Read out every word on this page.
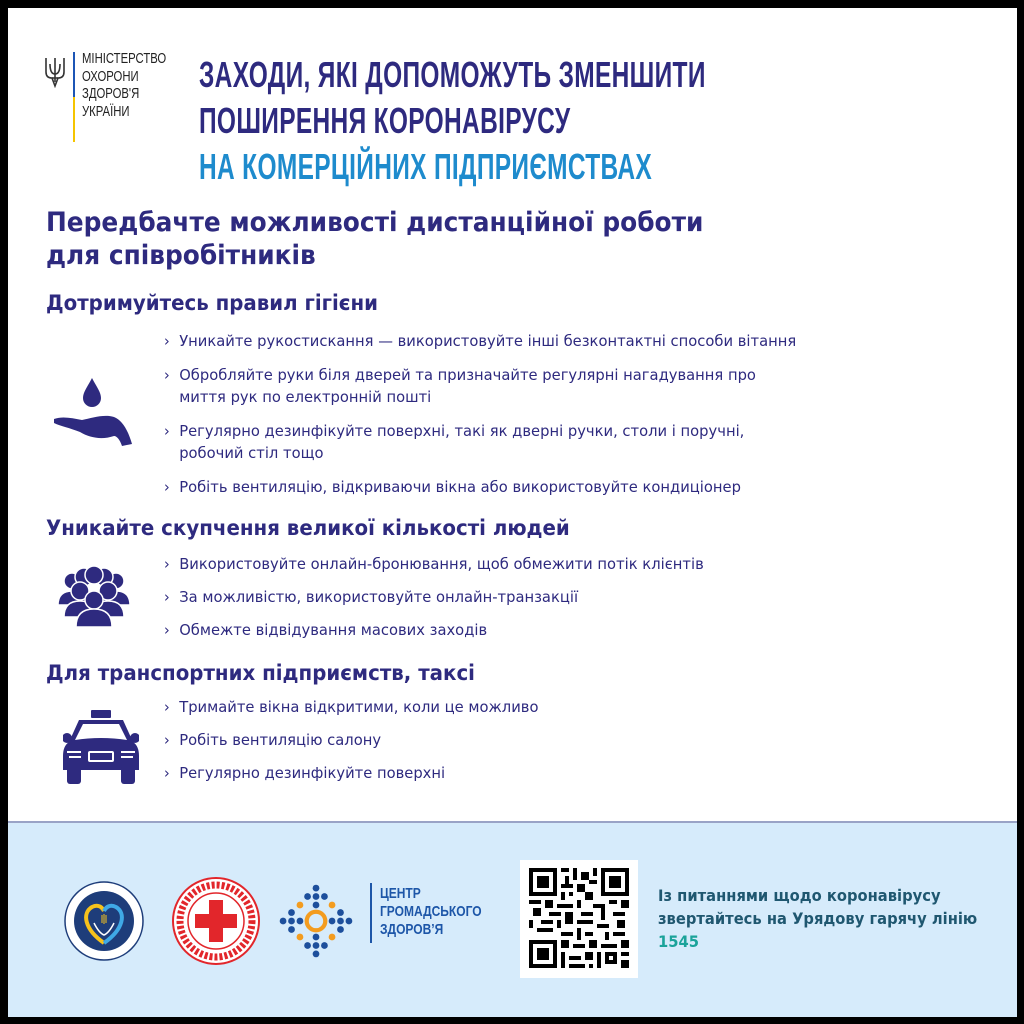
МІНІСТЕРСТВО
ОХОРОНИ
ЗДОРОВ'Я
УКРАЇНИ
ЗАХОДИ, ЯКІ ДОПОМОЖУТЬ ЗМЕНШИТИ
ПОШИРЕННЯ КОРОНАВІРУСУ
НА КОМЕРЦІЙНИХ ПІДПРИЄМСТВАХ
Передбачте можливості дистанційної роботи
для співробітників
Дотримуйтесь правил гігієни
› Уникайте рукостискання — використовуйте інші безконтактні способи вітання
› Обробляйте руки біля дверей та призначайте регулярні нагадування про
миття рук по електронній пошті
› Регулярно дезинфікуйте поверхні, такі як дверні ручки, столи і поручні,
робочий стіл тощо
› Робіть вентиляцію, відкриваючи вікна або використовуйте кондиціонер
Уникайте скупчення великої кількості людей
› Використовуйте онлайн-бронювання, щоб обмежити потік клієнтів
› За можливістю, використовуйте онлайн-транзакції
› Обмежте відвідування масових заходів
Для транспортних підприємств, таксі
› Тримайте вікна відкритими, коли це можливо
› Робіть вентиляцію салону
› Регулярно дезинфікуйте поверхні
ЦЕНТР
ГРОМАДСЬКОГО
ЗДОРОВ’Я
Із питаннями щодо коронавірусу
звертайтесь на Урядову гарячу лінію
1545
